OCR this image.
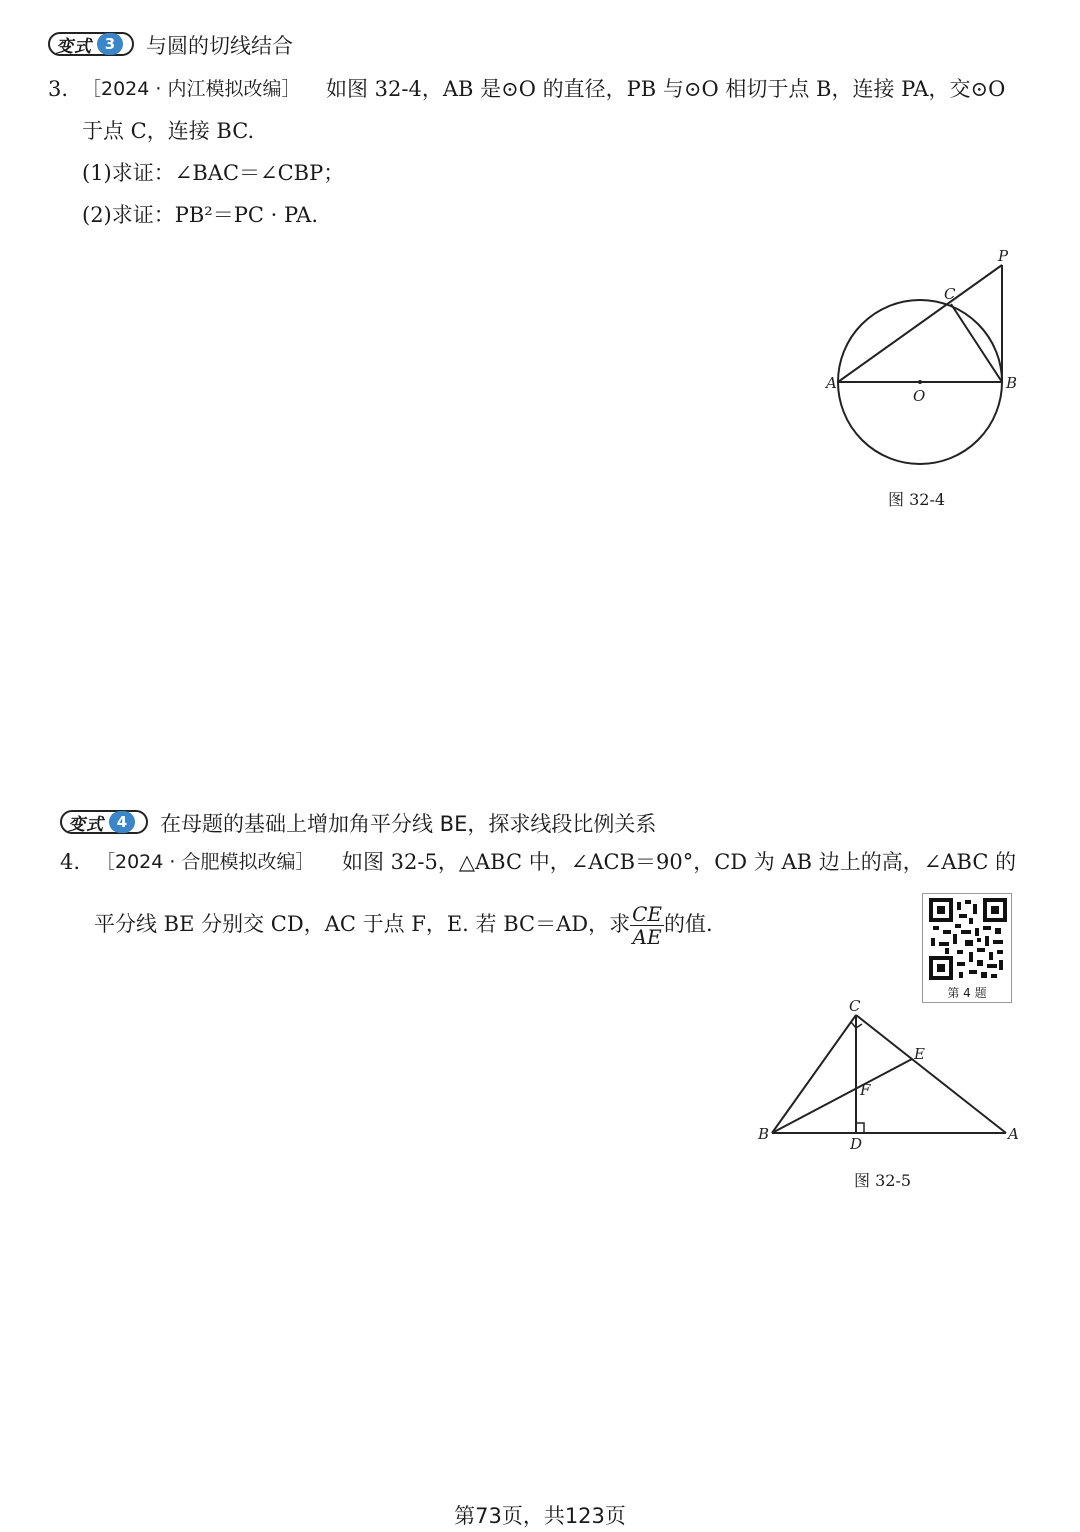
变式 3	与圆的切线结合
3. ［2024 · 内江模拟改编］ 如图 32-4，AB 是⊙O 的直径，PB 与⊙O 相切于点 B，连接 PA，交⊙O
于点 C，连接 BC.
(1)求证：∠BAC＝∠CBP；
(2)求证：PB²＝PC · PA.
A	B
O
C
P
图 32-4
变式 4	在母题的基础上增加角平分线 BE，探求线段比例关系
4. ［2024 · 合肥模拟改编］ 如图 32-5，△ABC 中，∠ACB＝90°，CD 为 AB 边上的高，∠ABC 的
平分线 BE 分别交 CD，AC 于点 F，E. 若 BC＝AD，求 $\frac{CE}{AE}$ 的值.
第 4 题
C
B	A
D
E
F
图 32-5
第73页，共123页
